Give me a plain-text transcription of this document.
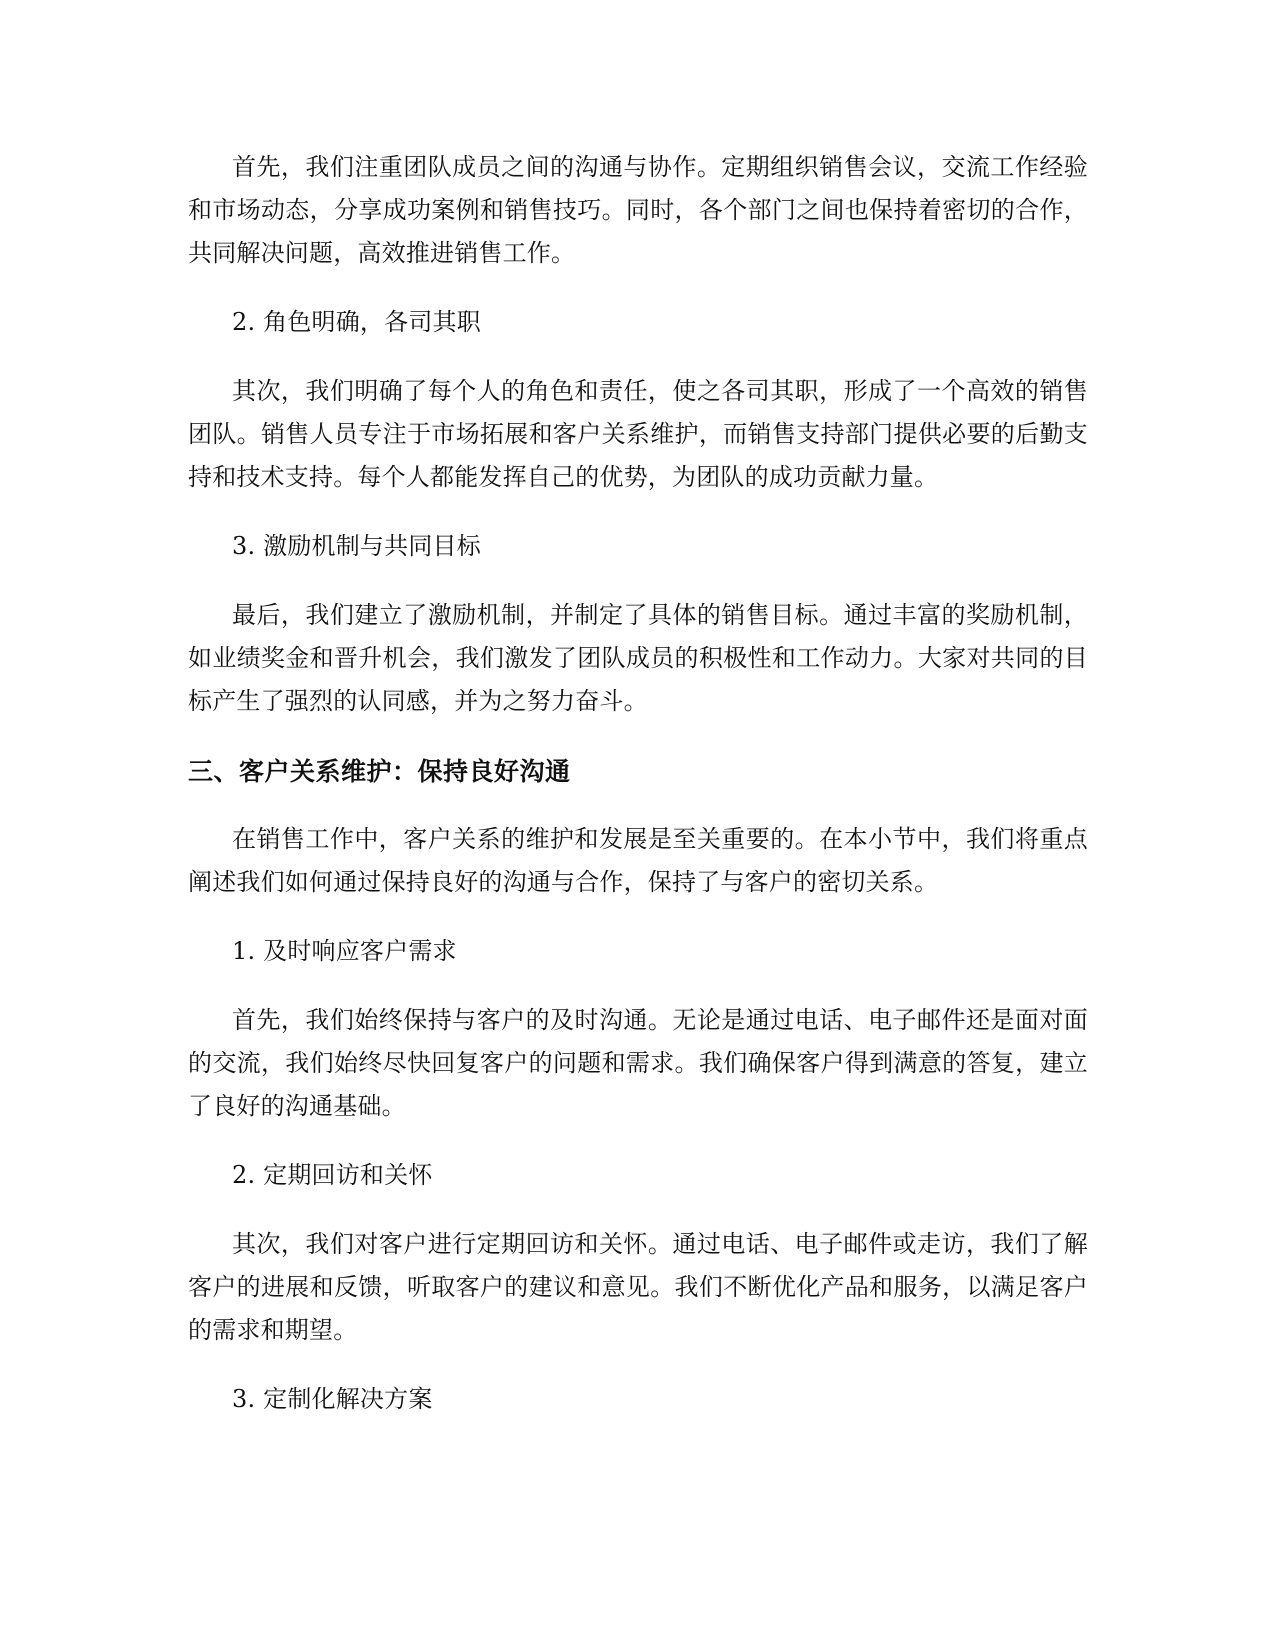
首先，我们注重团队成员之间的沟通与协作。定期组织销售会议，交流工作经验和市场动态，分享成功案例和销售技巧。同时，各个部门之间也保持着密切的合作，共同解决问题，高效推进销售工作。

2. 角色明确，各司其职

其次，我们明确了每个人的角色和责任，使之各司其职，形成了一个高效的销售团队。销售人员专注于市场拓展和客户关系维护，而销售支持部门提供必要的后勤支持和技术支持。每个人都能发挥自己的优势，为团队的成功贡献力量。

3. 激励机制与共同目标

最后，我们建立了激励机制，并制定了具体的销售目标。通过丰富的奖励机制，如业绩奖金和晋升机会，我们激发了团队成员的积极性和工作动力。大家对共同的目标产生了强烈的认同感，并为之努力奋斗。

三、客户关系维护：保持良好沟通

在销售工作中，客户关系的维护和发展是至关重要的。在本小节中，我们将重点阐述我们如何通过保持良好的沟通与合作，保持了与客户的密切关系。

1. 及时响应客户需求

首先，我们始终保持与客户的及时沟通。无论是通过电话、电子邮件还是面对面的交流，我们始终尽快回复客户的问题和需求。我们确保客户得到满意的答复，建立了良好的沟通基础。

2. 定期回访和关怀

其次，我们对客户进行定期回访和关怀。通过电话、电子邮件或走访，我们了解客户的进展和反馈，听取客户的建议和意见。我们不断优化产品和服务，以满足客户的需求和期望。

3. 定制化解决方案
